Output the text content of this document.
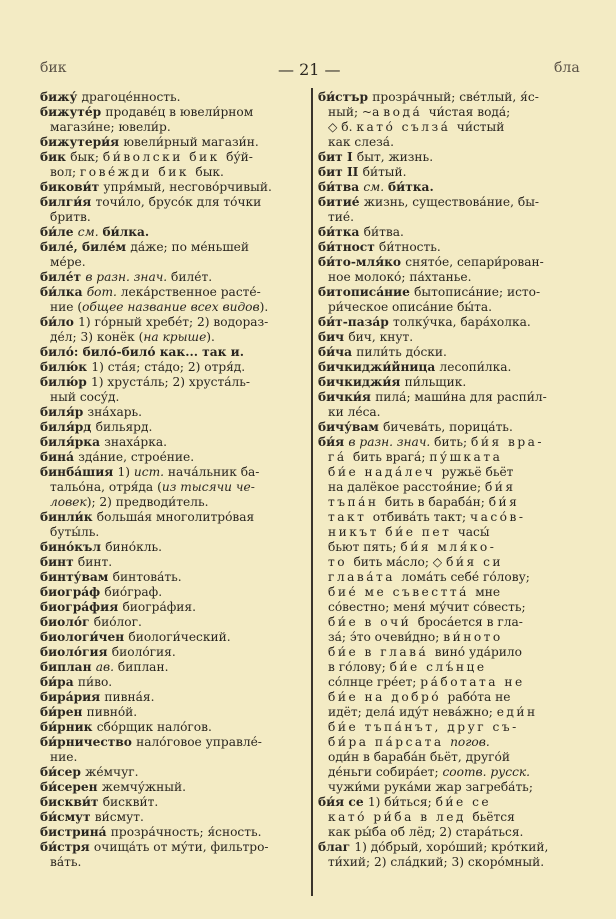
бик	— 21 —	бла
бижу́ драгоце́нность.
бижуте́р продаве́ц в ювели́рном
магази́не; ювели́р.
бижутери́я ювели́рный магази́н.
бик бык; би́волски бик бу́й-
вол; гове́жди бик бык.
бикови́т упря́мый, несгово́рчивый.
билги́я точи́ло, брусо́к для то́чки
бритв.
би́ле см. би́лка.
биле́, биле́м да́же; по ме́ньшей
ме́ре.
биле́т в разн. знач. биле́т.
би́лка бот. лека́рственное расте́-
ние (общее название всех видов).
би́ло 1) го́рный хребе́т; 2) водораз-
де́л; 3) конёк (на крыше).
било́: било́-било́ как... так и.
билю́к 1) ста́я; ста́до; 2) отря́д.
билю́р 1) хруста́ль; 2) хруста́ль-
ный сосу́д.
биля́р зна́харь.
биля́рд бильярд.
биля́рка знаха́рка.
бина́ зда́ние, строе́ние.
бинба́шия 1) ист. нача́льник ба-
тальо́на, отря́да (из тысячи че-
ловек); 2) предводи́тель.
бинли́к больша́я многолитро́вая
буты́ль.
бино́къл бино́кль.
бинт бинт.
бинту́вам бинтова́ть.
биогра́ф био́граф.
биогра́фия биогра́фия.
биоло́г био́лог.
биологи́чен биологи́ческий.
биоло́гия биоло́гия.
биплан ав. биплан.
би́ра пи́во.
бира́рия пивна́я.
би́рен пивно́й.
би́рник сбо́рщик нало́гов.
би́рничество нало́говое управле́-
ние.
би́сер же́мчуг.
би́серен жемчу́жный.
бискви́т бискви́т.
би́смут ви́смут.
бистрина́ прозра́чность; я́сность.
би́стря очища́ть от му́ти, фильтро-
ва́ть.
би́стър прозра́чный; све́тлый, я́с-
ный; ~а вода́ чи́стая вода́;
◇ б. като́ сълза́ чи́стый
как слеза́.
бит I быт, жизнь.
бит II би́тый.
би́тва см. би́тка.
битие́ жизнь, существова́ние, бы-
тие́.
би́тка би́тва.
би́тност би́тность.
би́то-мля́ко снято́е, сепари́рован-
ное молоко́; па́хтанье.
битописа́ние бытописа́ние; исто-
ри́ческое описа́ние бы́та.
би́т-паза́р толку́чка, бара́холка.
бич бич, кнут.
би́ча пили́ть до́ски.
бичкиджи́йница лесопи́лка.
бичкиджи́я пи́льщик.
бички́я пила́; маши́на для распи́л-
ки ле́са.
бичу́вам бичева́ть, порица́ть.
би́я в разн. знач. бить; би́я вра-
га́ бить врага́; пу́шката
би́е нада́леч ружьё бьёт
на далёкое расстоя́ние; би́я
тъпа́н бить в бараба́н; би́я
такт отбива́ть такт; часо́в-
никът би́е пет часы́
бьют пять; би́я мля́ко-
то бить ма́сло; ◇ би́я си
глава́та лома́ть себе́ го́лову;
бие́ ме съвестта́ мне
со́вестно; меня́ му́чит со́весть;
би́е в очи́ броса́ется в гла-
за́; э́то очеви́дно; ви́ното
би́е в глава́ вино́ уда́рило
в го́лову; би́е слъ́нце
со́лнце гре́ет; ра́ботата не
би́е на добро́ рабо́та не
идёт; дела́ иду́т нева́жно; еди́н
би́е тъпа́нът, друг съ-
би́ра па́рсата погов.
оди́н в бараба́н бьёт, друго́й
де́ньги собира́ет; соотв. русск.
чужи́ми рука́ми жар загреба́ть;
би́я се 1) би́ться; би́е се
като́ ри́ба в лед бьётся
как ры́ба об лёд; 2) стара́ться.
благ 1) до́брый, хоро́ший; кро́ткий,
ти́хий; 2) сла́дкий; 3) скоро́мный.
